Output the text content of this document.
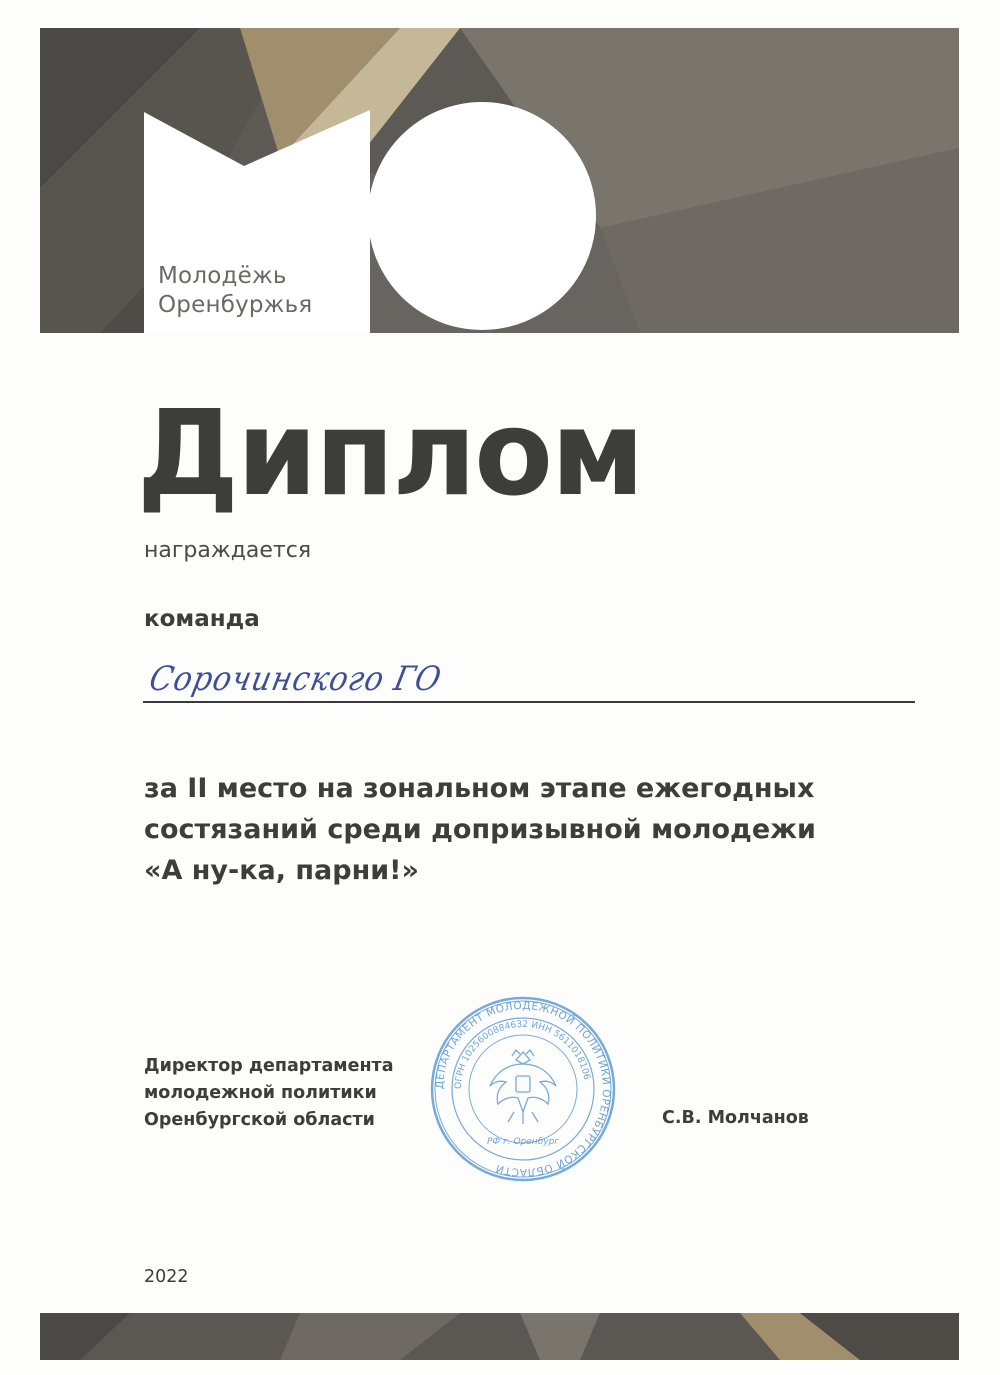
Молодёжь
Оренбуржья
Диплом
награждается
команда
Сорочинского ГО
за II место на зональном этапе ежегодных
состязаний среди допризывной молодежи
«А ну-ка, парни!»
Директор департамента
молодежной политики
Оренбургской области
ДЕПАРТАМЕНТ МОЛОДЕЖНОЙ ПОЛИТИКИ ОРЕНБУРГСКОЙ ОБЛАСТИ
ОГРН 1025600884632 ИНН 5611018106
РФ г. Оренбург
С.В. Молчанов
2022
